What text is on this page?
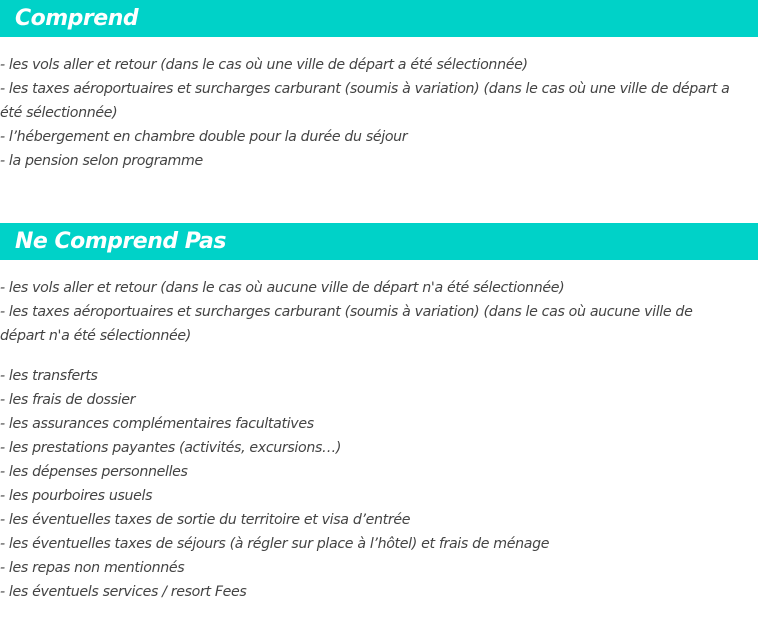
Comprend
- les vols aller et retour (dans le cas où une ville de départ a été sélectionnée)
- les taxes aéroportuaires et surcharges carburant (soumis à variation) (dans le cas où une ville de départ a été sélectionnée)
- l’hébergement en chambre double pour la durée du séjour
- la pension selon programme
Ne Comprend Pas
- les vols aller et retour (dans le cas où aucune ville de départ n'a été sélectionnée)
- les taxes aéroportuaires et surcharges carburant (soumis à variation) (dans le cas où aucune ville de départ n'a été sélectionnée)
- les transferts
- les frais de dossier
- les assurances complémentaires facultatives
- les prestations payantes (activités, excursions…)
- les dépenses personnelles
- les pourboires usuels
- les éventuelles taxes de sortie du territoire et visa d’entrée
- les éventuelles taxes de séjours (à régler sur place à l’hôtel) et frais de ménage
- les repas non mentionnés
- les éventuels services / resort Fees
